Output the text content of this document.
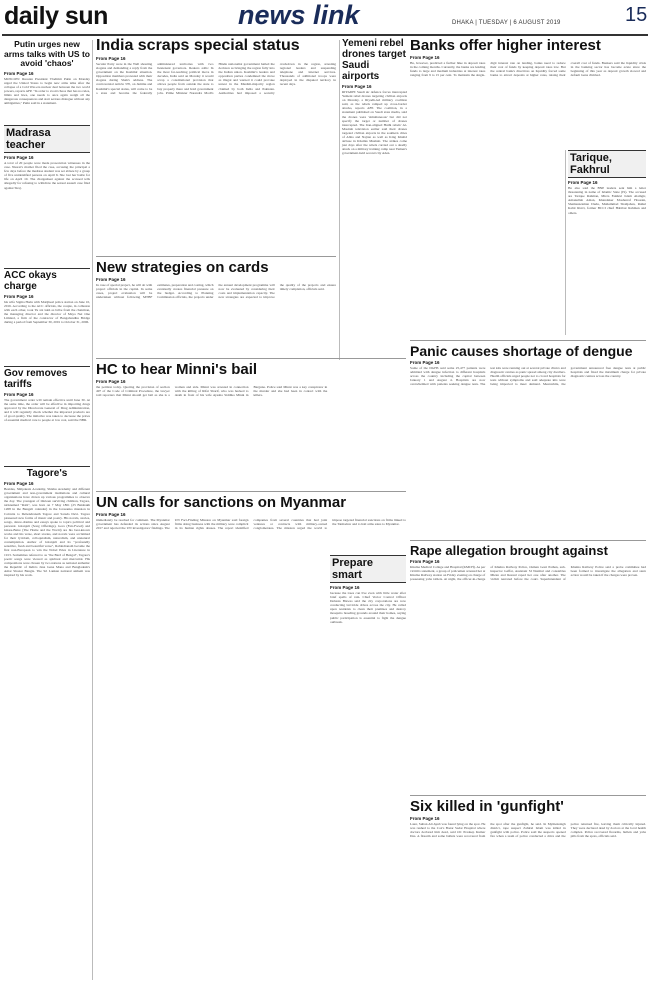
daily sun	news link	DHAKA | TUESDAY | 6 AUGUST 2019	15
Putin urges new arms talks with US to avoid 'chaos'
From Page 16
MOSCOW: Russian President Vladimir Putin on Monday urged the United States to begin new arms talks after the collapse of a Cold War-era nuclear deal between the two world powers, reports AFP. "In order to avoid chaos that has no rules, limits and laws, one needs to once again weigh all the dangerous consequences and start serious dialogue without any ambiguities," Putin said in a statement.
Madrasa teacher
From Page 16
A total of 20 people were made prosecution witnesses in the case. Nusrat's mother filed the case, accusing the principal a few days before the madrasa student was set ablaze by a group of five unidentified persons on April 6. She lost her battle for life on April 10. The chargesheet against the accused tells allegedly for refusing to withdraw the sexual assault case filed against Siraj.
ACC okays charge
From Page 16
his wife Sigma Huda with Motijheel police station on June 10, 2016. According to the ACC officials, the couple, in collusion with each other, took Tk six lakh as bribe from the chairman, the managing director and the director of Maya Net One Limited, a firm of the contractor of Bangabandhu Bridge during a period from September 30, 2001 to October 31, 2006.
Gov removes tariffs
From Page 16
The government order will remain effective until June 30. At the same time, the order will be effective in importing drugs approved by the Directorate General of Drug Administration, and it will regularly check whether the imported products are of good quality. The initiative was taken to decrease the prices of essential medical care to people at low cost, said the NBR.
Tagore's
From Page 16
Besides, Shilpakala Academy, Shishu Academy and different government and non-government institutions and cultural organisations have drawn up various programmes to observe the day. The youngest of thirteen surviving children, Tagore, nicknamed "Rabi", was born on 7 May 1861 (25 Baishakh 1268 in the Bengali calendar) in the Jorasanko mansion in Calcutta to Debendranath Tagore and Sarada Devi. Tagore pioneered new forms of music and poetry. His novels, stories, songs, dance-dramas and essays spoke to topics political and personal. Gitanjali (Song Offerings), Gora (Fair-Faced) and Ghare-Baire (The Home and the World) are his best-known works and his verse, short stories, and novels were acclaimed for their lyricism, colloquialism, naturalism, and unnatural contemplation. Author of Gitanjali and its "profoundly sensitive, fresh and beautiful verse", Rabindranath became the first non-European to win the Nobel Prize in Literature in 1913. Sometimes referred to as "the Bard of Bengal", Tagore's poetic songs were viewed as spiritual and mercurial. His compositions were chosen by two nations as national anthems: the Republic of India's Jana Gana Mana and Bangladesh's Amar Shonar Bangla. The Sri Lankan national anthem was inspired by his work.
India scraps special status
From Page 16
Secular Party were in the Well shouting slogans and demanding a reply from the government on the Kashmir situation. Opposition members protested with their slogans during Shah's address. The controversial Article 370, on Jammu and Kashmir's special status, will come to be a state and become the federally administered territories with two lieutenant governors. Reuters adds: In the most far-reaching political move in decades, India said on Monday it would scrap a constitutional provision that allows people from outside the state to buy property there and hold government jobs. Prime Minister Narendra Modi's Hindu nationalist government hailed the decision as bringing the region fully into the Indian union. Kashmir's leaders and opposition parties condemned the move as illegal and warned it could provoke unrest in the Muslim-majority region claimed by both India and Pakistan. Authorities had imposed a security crackdown in the region, arresting regional leaders and suspending telephone and internet services. Thousands of additional troops were deployed in the disputed territory in recent days.
Yemeni rebel drones target Saudi airports
From Page 16
RIYADH: Saudi air defence forces intercepted Yemeni rebel drones targeting civilian airports on Monday, a Riyadh-led military coalition said, as the rebels ramped up cross-border attacks, reports AFP. The coalition, in a statement published on Saudi state media, said the drones were 'simultaneous' but did not specify the target or number of drones intercepted. The Iran-aligned Huthi rebels' Al-Masirah television earlier said their drones targeted civilian airports in the southern cities of Abha and Najran as well as King Khalid airbase in Khamis Mushait. The strikes come just days after the rebels carried out a deadly attack on a military training camp near Yemen's government-held second city Aden.
Banks offer higher interest
From Page 16
He, however, predicted a further hike in deposit rates in the coming months. Currently, the banks are lending funds to large and medium industries at interest rates ranging from 9 to 15 per cent. To maintain the single-digit interest rate on lending, banks need to reduce their cost of funds by keeping deposit rates low. But the central bank's directives on liquidity forced some banks to attract deposits at higher rates, raising their overall cost of funds. Bankers said the liquidity crisis in the banking sector has become acute since the beginning of this year as deposit growth slowed and default loans climbed.
Tarique, Fakhrul
From Page 16
He also said the BNP leaders sent him a letter threatening in name of Islamic State (IS). The accused are Tarique Rahman, Mirza Fakhrul Islam Alamgir, Amanullah Aman, Khandaker Mosharraf Hossain, Shamsuzzaman Dudu, Muhammad Shahjahan, Ruhul Kabir Rizvi, former BCCI chief Habibur Rahman and others.
New strategies on cards
From Page 16
In case of special project, he will sit with project officials in the capital. In some cases, project evaluation will be undertaken without following MTBF estimates, preparation and costing, which eventually creates financial pressure on the budget. According to Planning Commission officials, the projects under the annual development programme will now be evaluated by considering their costs and implementation capacity. The new strategies are expected to improve the quality of the projects and ensure timely completion, officials said.
Panic causes shortage of dengue
From Page 16
Some of the DGHS said some 25,477 patients were admitted with dengue infection to different hospitals across the country including the capital between January 1 and August 4. Hospitals are now overwhelmed with patients seeking dengue tests. The test kits were running out at several private clinics and diagnostic centres as panic spread among city dwellers. Health officials urged people not to crowd hospitals for tests without symptoms and said adequate kits were being imported to meet demand. Meanwhile, the government announced free dengue tests at public hospitals and fixed the maximum charge for private diagnostic centres across the country.
HC to hear Minni's bail
From Page 16
the petition today. Quoting the provision of section 497 of the Code of Criminal Procedure, the lawyer told reporters that Minni should get bail as she is a woman and sick. Minni was arrested in connection with the killing of Rifat Sharif, who was hacked to death in front of his wife Ayesha Siddika Minni in Barguna. Police said Minni was a key conspirator in the murder and she had been in contact with the killers.
UN calls for sanctions on Myanmar
From Page 16
immediately be reached for comment. The Myanmar government has defended its actions since August 2017 and rejected the UN investigators' findings. The UN Fact-Finding Mission on Myanmar said foreign firms doing business with the military were complicit in its human rights abuses. The report identified companies from several countries that had joint ventures or contracts with military-owned conglomerates. The mission urged the world to impose targeted financial sanctions on firms linked to the Tatmadaw and to halt arms sales to Myanmar.
Prepare smart
From Page 16
because the trees can live even with little water after brief spells of rain. Chief Vector Control Officer Debasis Biswas said the city corporations are now conducting larvicide drives across the city. He called upon residents to clean their premises and destroy mosquito breeding grounds around their homes, saying public participation is essential to fight the dengue outbreak.
Rape allegation brought against
From Page 16
Khulna Medical College and Hospital (KMCH). As per victim's statement, a group of policemen arrested her at Khulna Railway station on Friday evening on charge of possessing yaba tablets. At night, the officer-in-charge of Khulna Railway Police, Osman Goni Pathan, sub-inspector Gaffar, Assistant SI Nazmul and constables Mizan and Rezaul raped her one after another. The victim narrated before the court. Superintendent of Khulna Railway Police said a probe committee had been formed to investigate the allegation and stern action would be taken if the charges were proven.
Six killed in 'gunfight'
From Page 16
Later, Sultan Ali Ayub was found lying on the spot. He was rushed to the Cox's Bazar Sadar Hospital where doctors declared him dead, said OC Pradeep Kumar Das. A firearm and some bullets were recovered from the spot after the gunfight, he said. In Mymensingh district, rape suspect Zahirul Islam was killed in gunfight with police. Police said the suspects opened fire when a team of police conducted a drive and the police returned fire, leaving them critically injured. They were declared dead by doctors at the local health complex. Police recovered firearms, bullets and yaba pills from the spots, officials said.
